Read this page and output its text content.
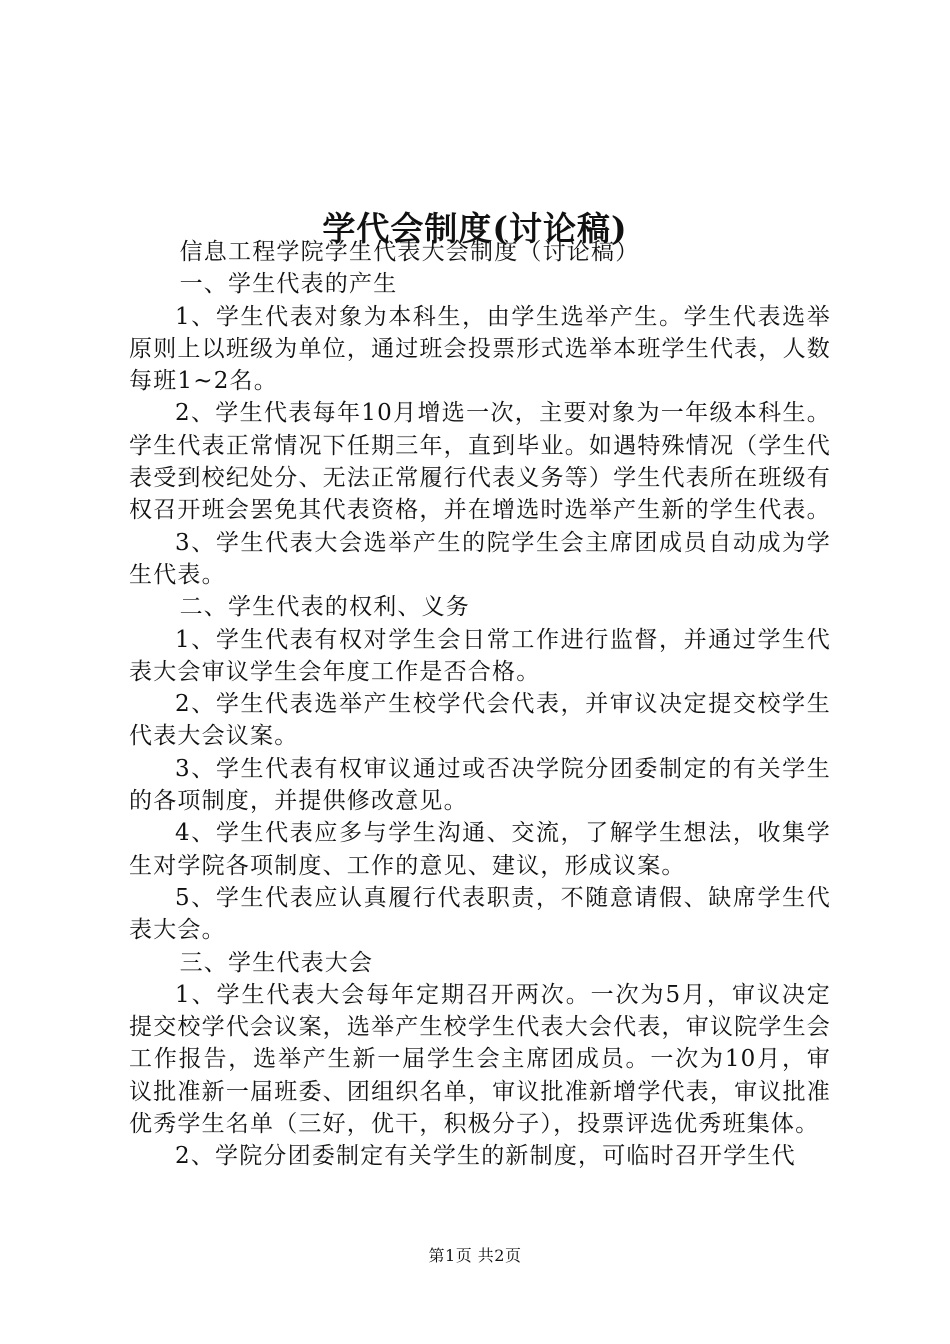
学代会制度(讨论稿)

信息工程学院学生代表大会制度（讨论稿）

一、学生代表的产生

1、学生代表对象为本科生，由学生选举产生。学生代表选举原则上以班级为单位，通过班会投票形式选举本班学生代表，人数每班1~2名。

2、学生代表每年10月增选一次，主要对象为一年级本科生。学生代表正常情况下任期三年，直到毕业。如遇特殊情况（学生代表受到校纪处分、无法正常履行代表义务等）学生代表所在班级有权召开班会罢免其代表资格，并在增选时选举产生新的学生代表。

3、学生代表大会选举产生的院学生会主席团成员自动成为学生代表。

二、学生代表的权利、义务

1、学生代表有权对学生会日常工作进行监督，并通过学生代表大会审议学生会年度工作是否合格。

2、学生代表选举产生校学代会代表，并审议决定提交校学生代表大会议案。

3、学生代表有权审议通过或否决学院分团委制定的有关学生的各项制度，并提供修改意见。

4、学生代表应多与学生沟通、交流，了解学生想法，收集学生对学院各项制度、工作的意见、建议，形成议案。

5、学生代表应认真履行代表职责，不随意请假、缺席学生代表大会。

三、学生代表大会

1、学生代表大会每年定期召开两次。一次为5月，审议决定提交校学代会议案，选举产生校学生代表大会代表，审议院学生会工作报告，选举产生新一届学生会主席团成员。一次为10月，审议批准新一届班委、团组织名单，审议批准新增学代表，审议批准优秀学生名单（三好，优干，积极分子），投票评选优秀班集体。

2、学院分团委制定有关学生的新制度，可临时召开学生代

第1页 共2页
